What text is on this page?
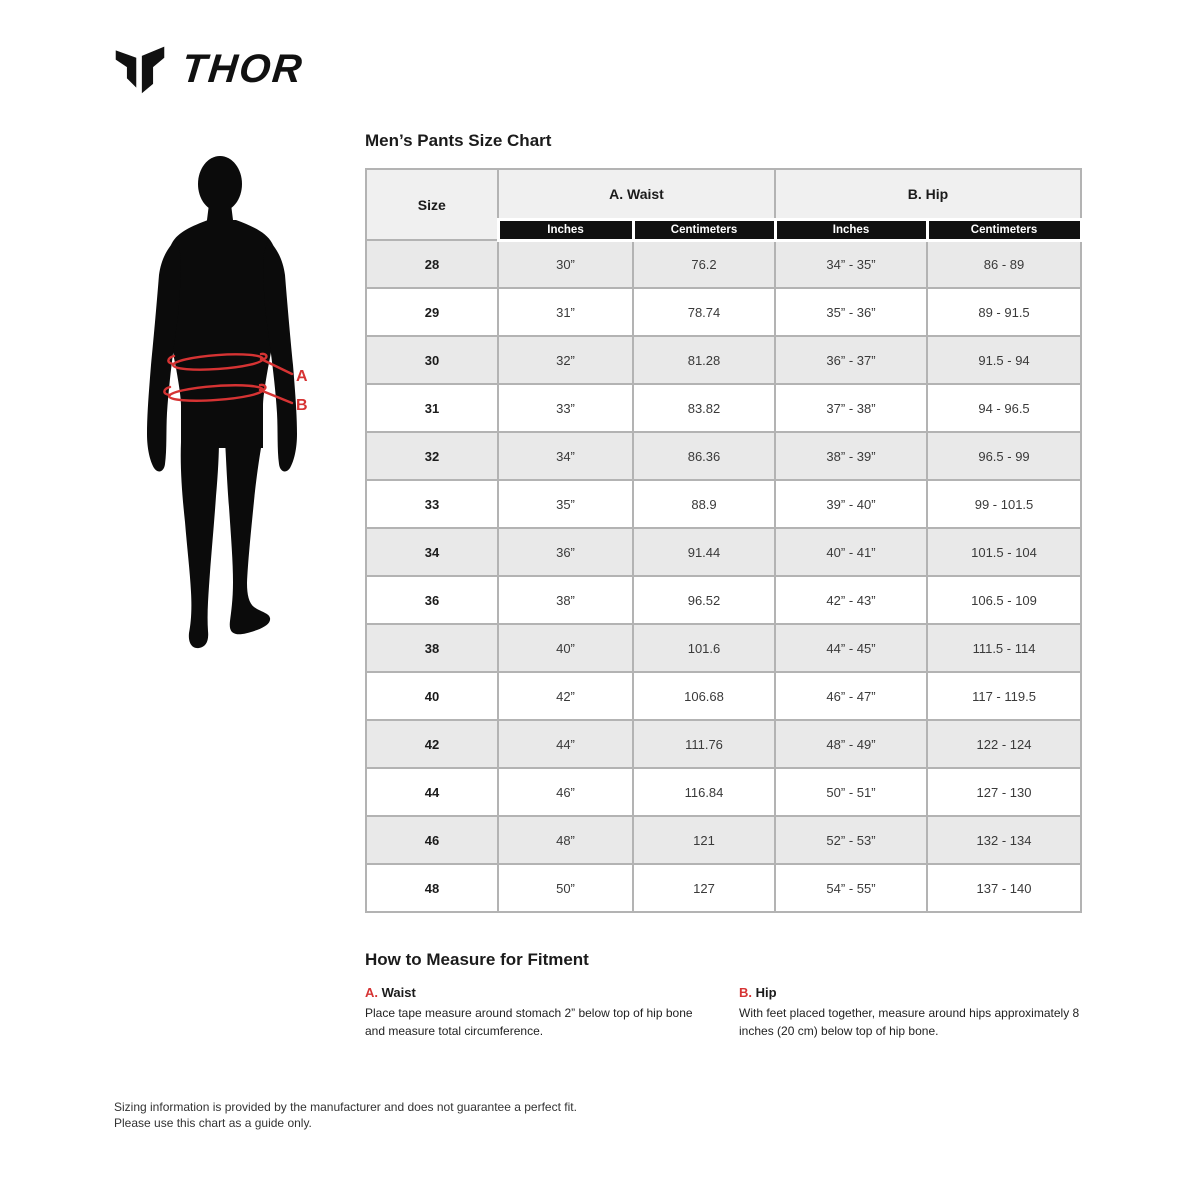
THOR
A
B
Men’s Pants Size Chart
Size	A. Waist		B. Hip	
	Inches	Centimeters	Inches	Centimeters
28	30”	76.2	34” - 35”	86 - 89
29	31”	78.74	35” - 36”	89 - 91.5
30	32”	81.28	36” - 37”	91.5 - 94
31	33”	83.82	37” - 38”	94 - 96.5
32	34”	86.36	38” - 39”	96.5 - 99
33	35”	88.9	39” - 40”	99 - 101.5
34	36”	91.44	40” - 41”	101.5 - 104
36	38”	96.52	42” - 43”	106.5 - 109
38	40”	101.6	44” - 45”	111.5 - 114
40	42”	106.68	46” - 47”	117 - 119.5
42	44”	111.76	48” - 49”	122 - 124
44	46”	116.84	50” - 51”	127 - 130
46	48”	121	52” - 53”	132 - 134
48	50”	127	54” - 55”	137 - 140
How to Measure for Fitment
A. Waist

Place tape measure around stomach 2” below top of hip bone and measure total circumference.

B. Hip

With feet placed together, measure around hips approximately 8 inches (20 cm) below top of hip bone.

Sizing information is provided by the manufacturer and does not guarantee a perfect fit.

Please use this chart as a guide only.
